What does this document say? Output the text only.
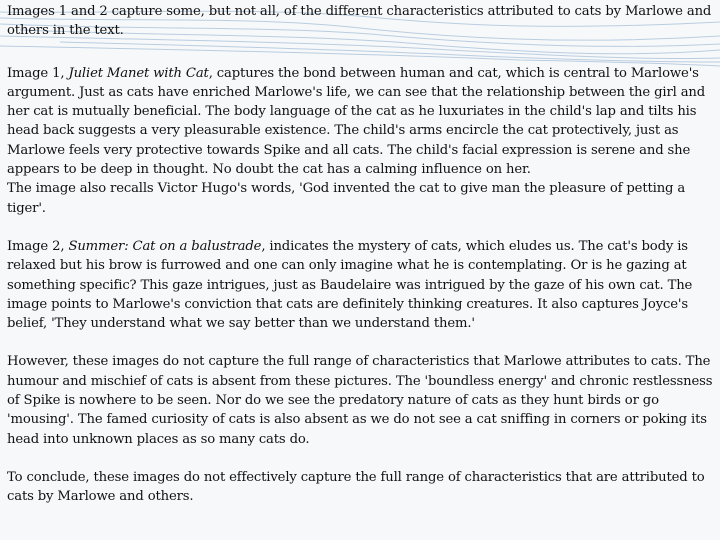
Images 1 and 2 capture some, but not all, of the different characteristics attributed to cats by Marlowe and others in the text.

Image 1, Juliet Manet with Cat, captures the bond between human and cat, which is central to Marlowe's argument. Just as cats have enriched Marlowe's life, we can see that the relationship between the girl and her cat is mutually beneficial. The body language of the cat as he luxuriates in the child's lap and tilts his head back suggests a very pleasurable existence. The child's arms encircle the cat protectively, just as Marlowe feels very protective towards Spike and all cats. The child's facial expression is serene and she appears to be deep in thought. No doubt the cat has a calming influence on her.

The image also recalls Victor Hugo's words, 'God invented the cat to give man the pleasure of petting a tiger'.

Image 2, Summer: Cat on a balustrade, indicates the mystery of cats, which eludes us. The cat's body is relaxed but his brow is furrowed and one can only imagine what he is contemplating. Or is he gazing at something specific? This gaze intrigues, just as Baudelaire was intrigued by the gaze of his own cat. The image points to Marlowe's conviction that cats are definitely thinking creatures. It also captures Joyce's belief, 'They understand what we say better than we understand them.'

However, these images do not capture the full range of characteristics that Marlowe attributes to cats. The humour and mischief of cats is absent from these pictures. The 'boundless energy' and chronic restlessness of Spike is nowhere to be seen. Nor do we see the predatory nature of cats as they hunt birds or go 'mousing'. The famed curiosity of cats is also absent as we do not see a cat sniffing in corners or poking its head into unknown places as so many cats do.

To conclude, these images do not effectively capture the full range of characteristics that are attributed to cats by Marlowe and others.
